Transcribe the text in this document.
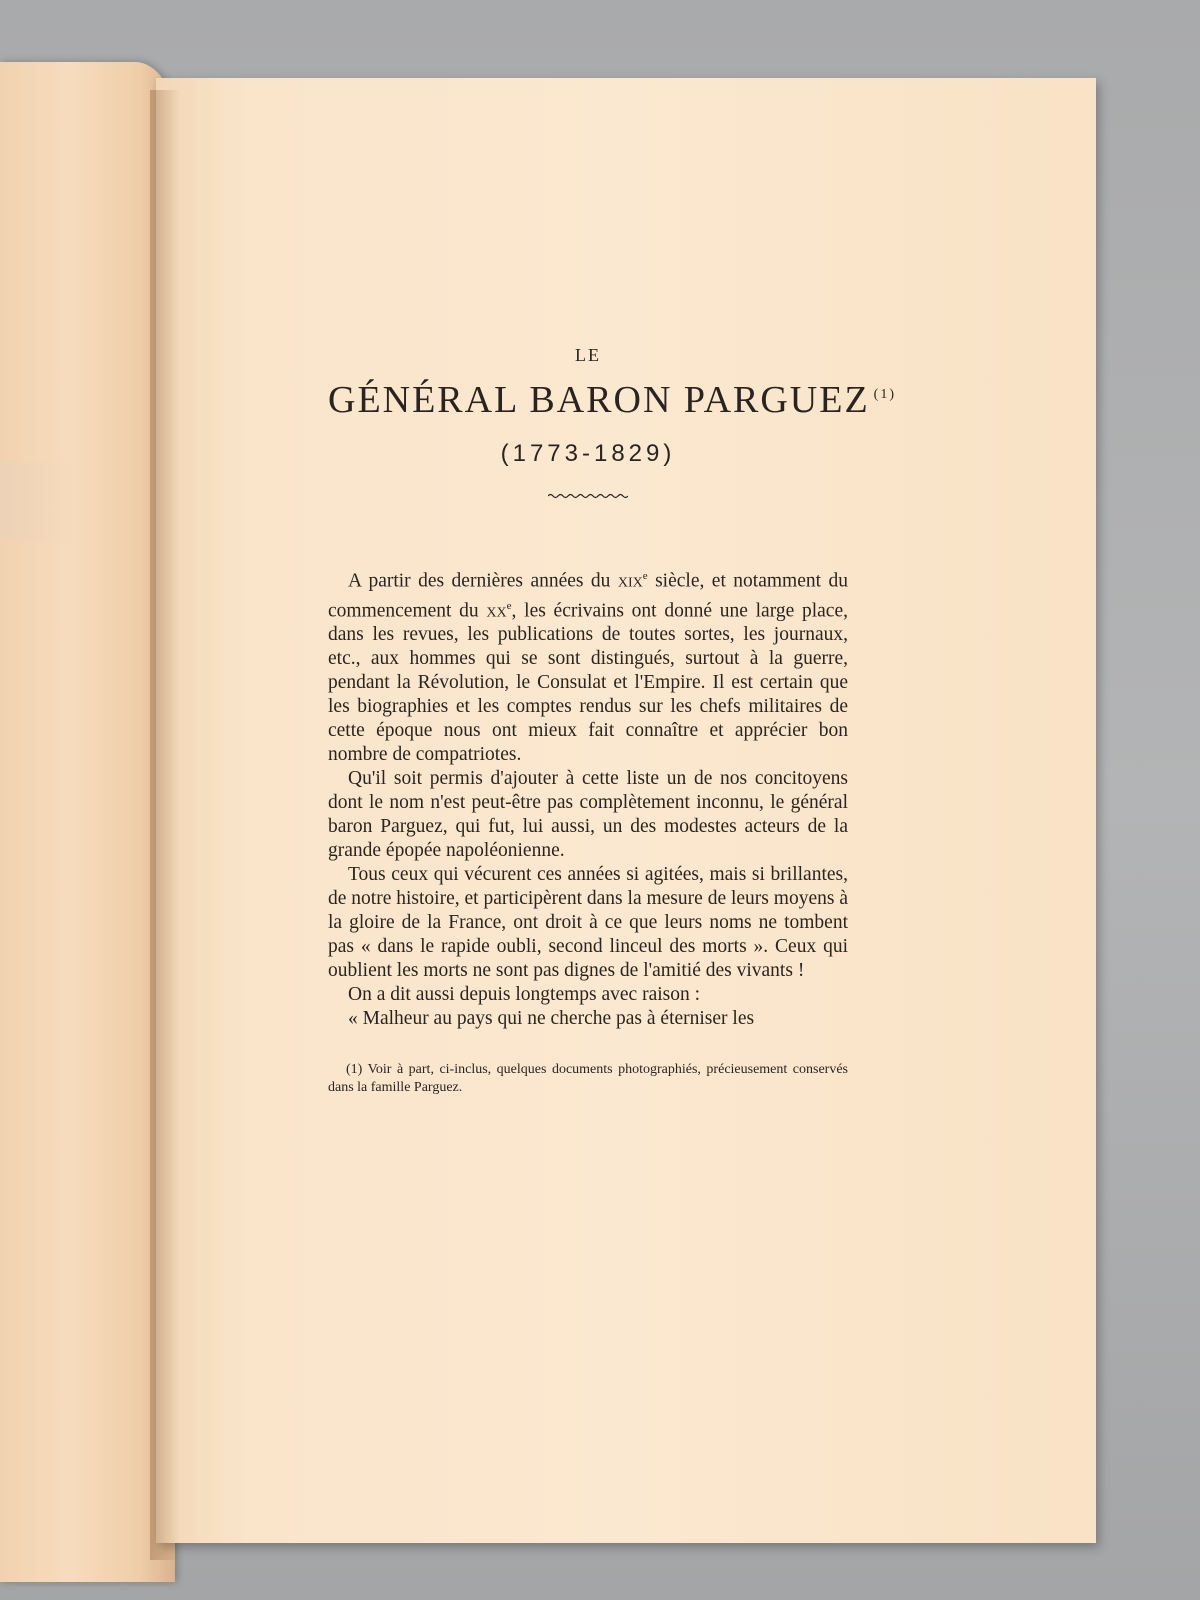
LE

GÉNÉRAL BARON PARGUEZ $^{(1)}$

(1773-1829)

A partir des dernières années du xix$^e$ siècle, et notamment du commencement du $xx^e$, les écrivains ont donné une large place, dans les revues, les publications de toutes sortes, les journaux, etc., aux hommes qui se sont distingués, surtout à la guerre, pendant la Révolution, le Consulat et l'Empire. Il est certain que les biographies et les comptes rendus sur les chefs militaires de cette époque nous ont mieux fait connaître et apprécier bon nombre de compatriotes.

Qu'il soit permis d'ajouter à cette liste un de nos concitoyens dont le nom n'est peut-être pas complètement inconnu, le général baron Parguez, qui fut, lui aussi, un des modestes acteurs de la grande épopée napoléonienne.

Tous ceux qui vécurent ces années si agitées, mais si brillantes, de notre histoire, et participèrent dans la mesure de leurs moyens à la gloire de la France, ont droit à ce que leurs noms ne tombent pas « dans le rapide oubli, second linceul des morts ». Ceux qui oublient les morts ne sont pas dignes de l'amitié des vivants !

On a dit aussi depuis longtemps avec raison :

« Malheur au pays qui ne cherche pas à éterniser les

(1) Voir à part, ci-inclus, quelques documents photographiés, précieusement conservés dans la famille Parguez.
